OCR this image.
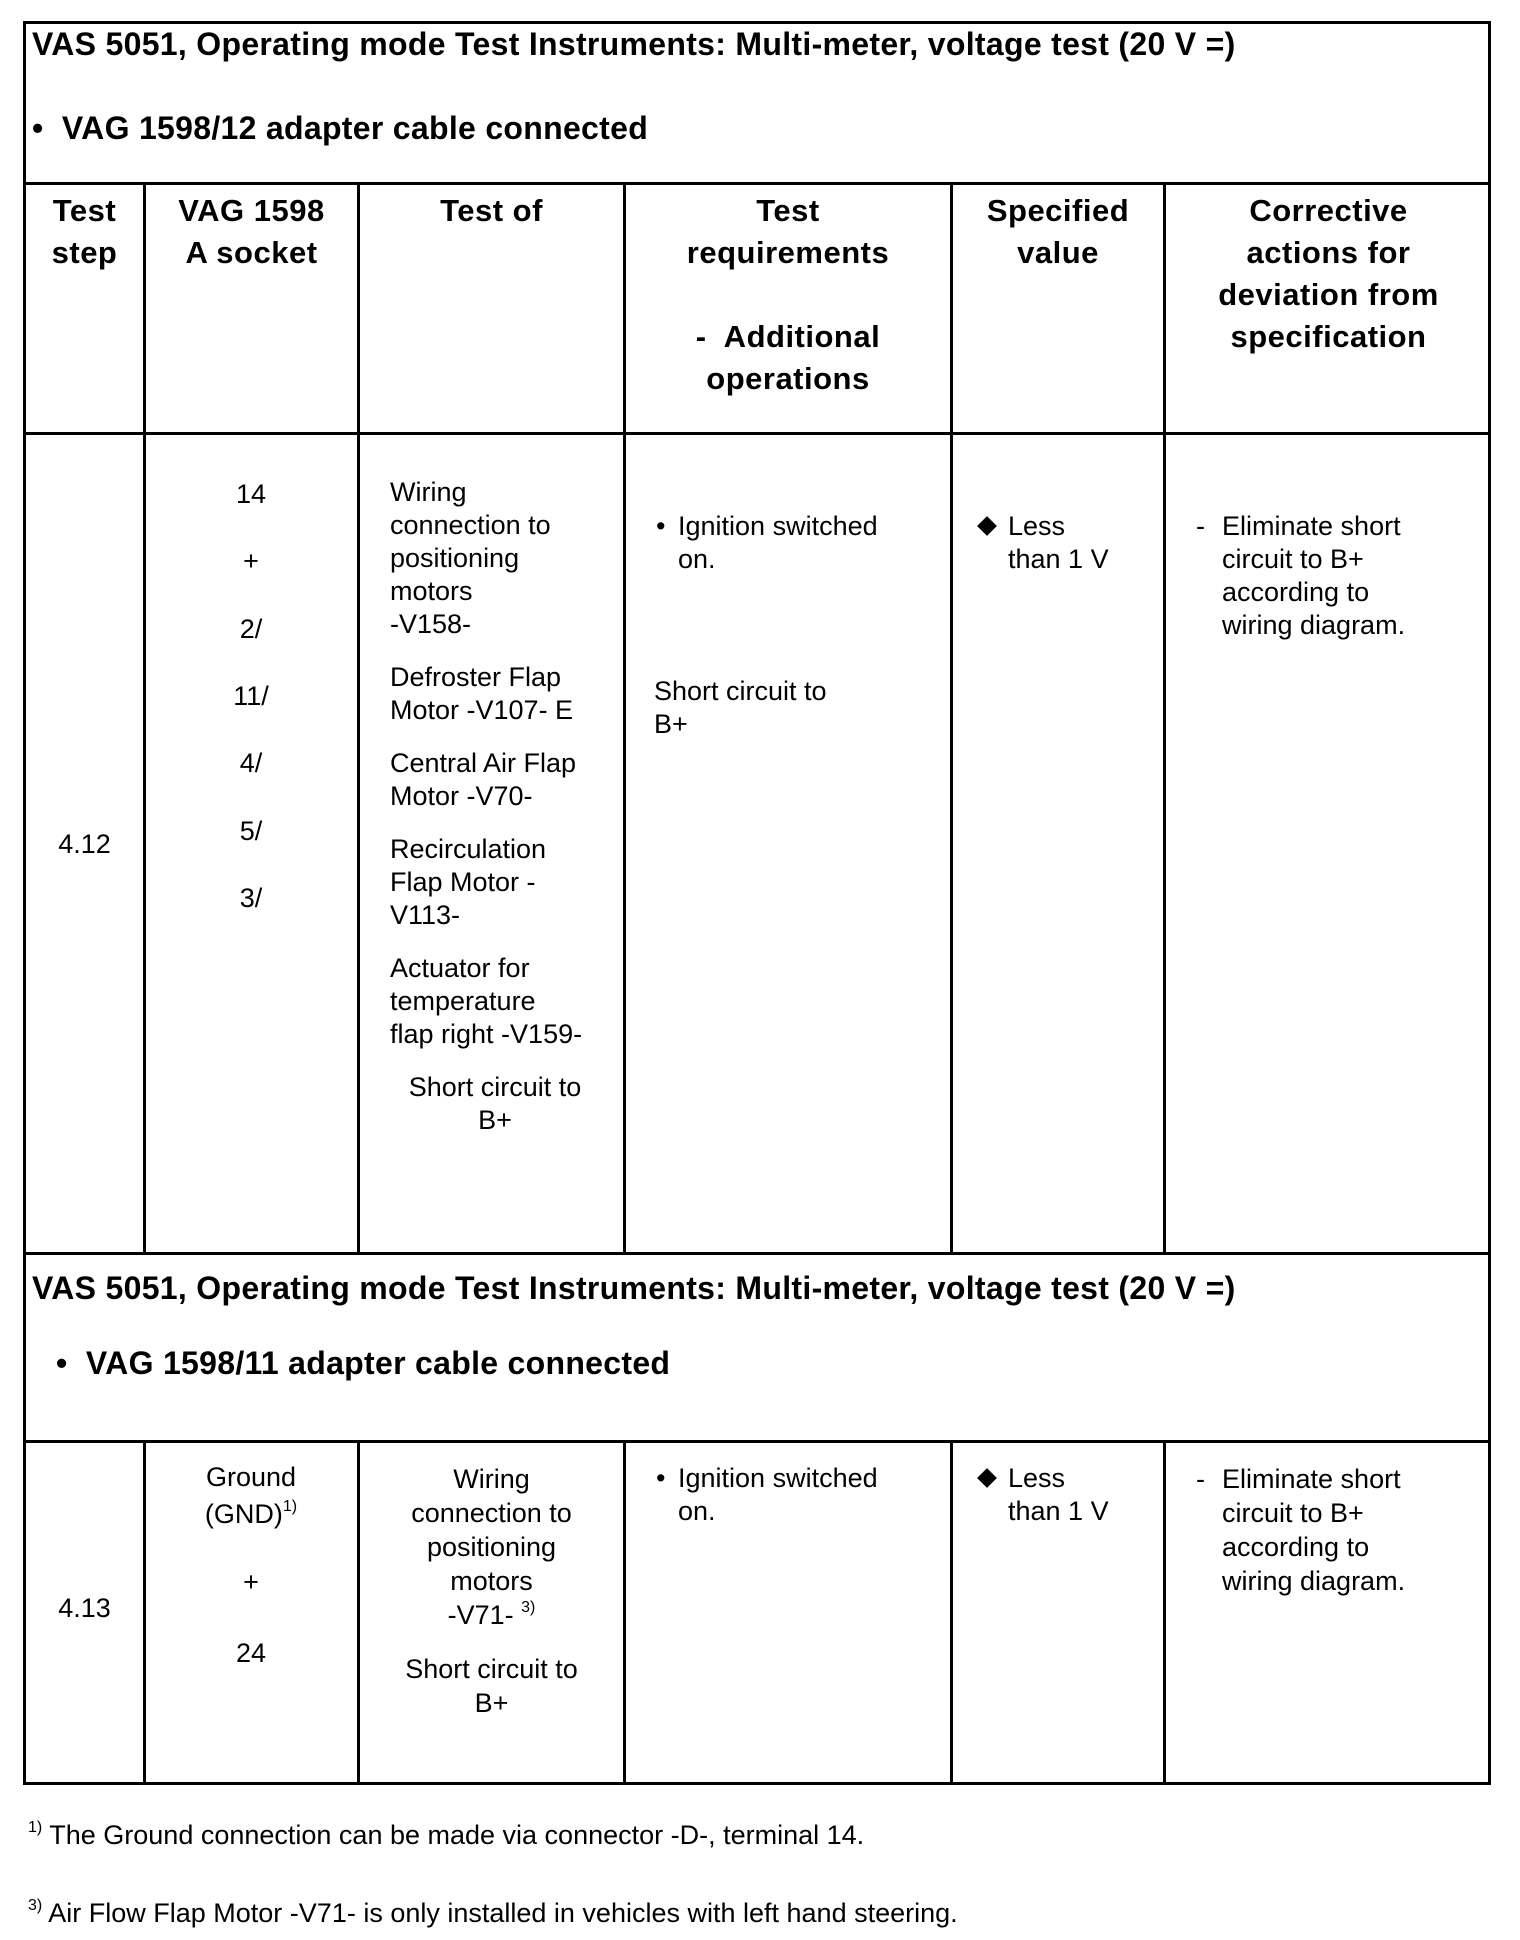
VAS 5051, Operating mode Test Instruments: Multi-meter, voltage test (20 V =)
•  VAG 1598/12 adapter cable connected
Test
step
VAG 1598
A socket
Test of	Test
requirements
-  Additional
operations
Specified
value
Corrective
actions for
deviation from
specification
4.12
14
+
2/
11/
4/
5/
3/
Wiring
connection to
positioning
motors
-V158-
Defroster Flap
Motor -V107- E
Central Air Flap
Motor -V70-
Recirculation
Flap Motor -
V113-
Actuator for
temperature
flap right -V159-
Short circuit to
B+
• Ignition switched
on.
Short circuit to
B+
Less
than 1 V
- Eliminate short
circuit to B+
according to
wiring diagram.
VAS 5051, Operating mode Test Instruments: Multi-meter, voltage test (20 V =)
•  VAG 1598/11 adapter cable connected
4.13
Ground
(GND)$^{1)}$
+
24
Wiring
connection to
positioning
motors
-V71- $^{3)}$
Short circuit to
B+
• Ignition switched
on.
Less
than 1 V
- Eliminate short
circuit to B+
according to
wiring diagram.
$^{1)}$ The Ground connection can be made via connector -D-, terminal 14.
$^{3)}$ Air Flow Flap Motor -V71- is only installed in vehicles with left hand steering.
